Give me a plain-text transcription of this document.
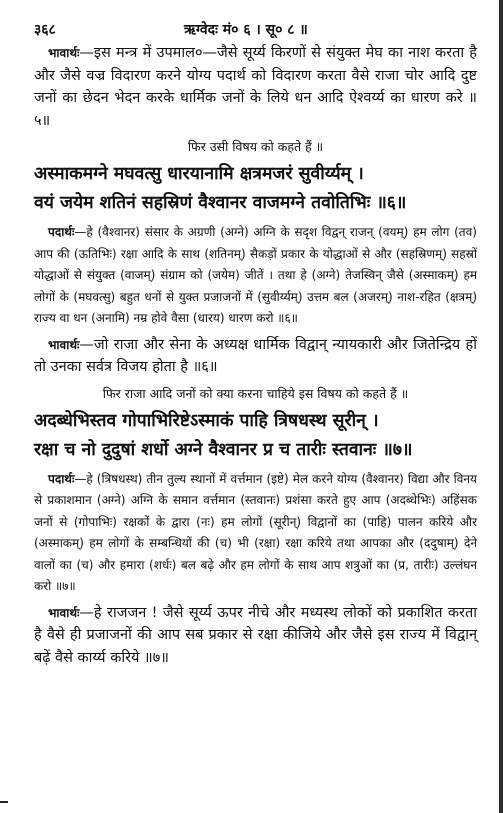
३६८	ऋग्वेदः मं० ६ । सू० ८ ॥

भावार्थः—इस मन्त्र में उपमाल०—जैसे सूर्य्य किरणों से संयुक्त मेघ का नाश करता है और जैसे वज्र विदारण करने योग्य पदार्थ को विदारण करता वैसे राजा चोर आदि दुष्ट जनों का छेदन भेदन करके धार्मिक जनों के लिये धन आदि ऐश्वर्य्य का धारण करे ॥५॥

फिर उसी विषय को कहते हैं ॥

अस्माकमग्ने मघवत्सु धारयानामि क्षत्रमजरं सुवीर्य्यम् ।

वयं जयेम शतिनं सहस्रिणं वैश्वानर वाजमग्ने तवोतिभिः ॥६॥

पदार्थः—हे (वैश्वानर) संसार के अग्रणी (अग्ने) अग्नि के सदृश विद्वन् राजन् (वयम्) हम लोग (तव) आप की (ऊतिभिः) रक्षा आदि के साथ (शतिनम्) सैकड़ों प्रकार के योद्धाओं से और (सहस्रिणम्) सहस्रों योद्धाओं से संयुक्त (वाजम्) संग्राम को (जयेम) जीतें । तथा हे (अग्ने) तेजस्विन् जैसे (अस्माकम्) हम लोगों के (मघवत्सु) बहुत धनों से युक्त प्रजाजनों में (सुवीर्य्यम्) उत्तम बल (अजरम्) नाश-रहित (क्षत्रम्) राज्य वा धन (अनामि) नम्र होवे वैसा (धारय) धारण करो ॥६॥

भावार्थः—जो राजा और सेना के अध्यक्ष धार्मिक विद्वान् न्यायकारी और जितेन्द्रिय हों तो उनका सर्वत्र विजय होता है ॥६॥

फिर राजा आदि जनों को क्या करना चाहिये इस विषय को कहते हैं ॥

अदब्धेभिस्तव गोपाभिरिष्टेऽस्माकं पाहि त्रिषधस्थ सूरीन् ।

रक्षा च नो दुदुषां शर्धो अग्ने वैश्वानर प्र च तारीः स्तवानः ॥७॥

पदार्थः—हे (त्रिषधस्थ) तीन तुल्य स्थानों में वर्त्तमान (इष्टे) मेल करने योग्य (वैश्वानर) विद्या और विनय से प्रकाशमान (अग्ने) अग्नि के समान वर्त्तमान (स्तवानः) प्रशंसा करते हुए आप (अदब्धेभिः) अहिंसक जनों से (गोपाभिः) रक्षकों के द्वारा (नः) हम लोगों (सूरीन्) विद्वानों का (पाहि) पालन करिये और (अस्माकम्) हम लोगों के सम्बन्धियों की (च) भी (रक्षा) रक्षा करिये तथा आपका और (ददुषाम्) देने वालों का (च) और हमारा (शर्धः) बल बढ़े और हम लोगों के साथ आप शत्रुओं का (प्र, तारीः) उल्लंघन करो ॥७॥

भावार्थः—हे राजजन ! जैसे सूर्य्य ऊपर नीचे और मध्यस्थ लोकों को प्रकाशित करता है वैसे ही प्रजाजनों की आप सब प्रकार से रक्षा कीजिये और जैसे इस राज्य में विद्वान् बढ़ें वैसे कार्य्य करिये ॥७॥
